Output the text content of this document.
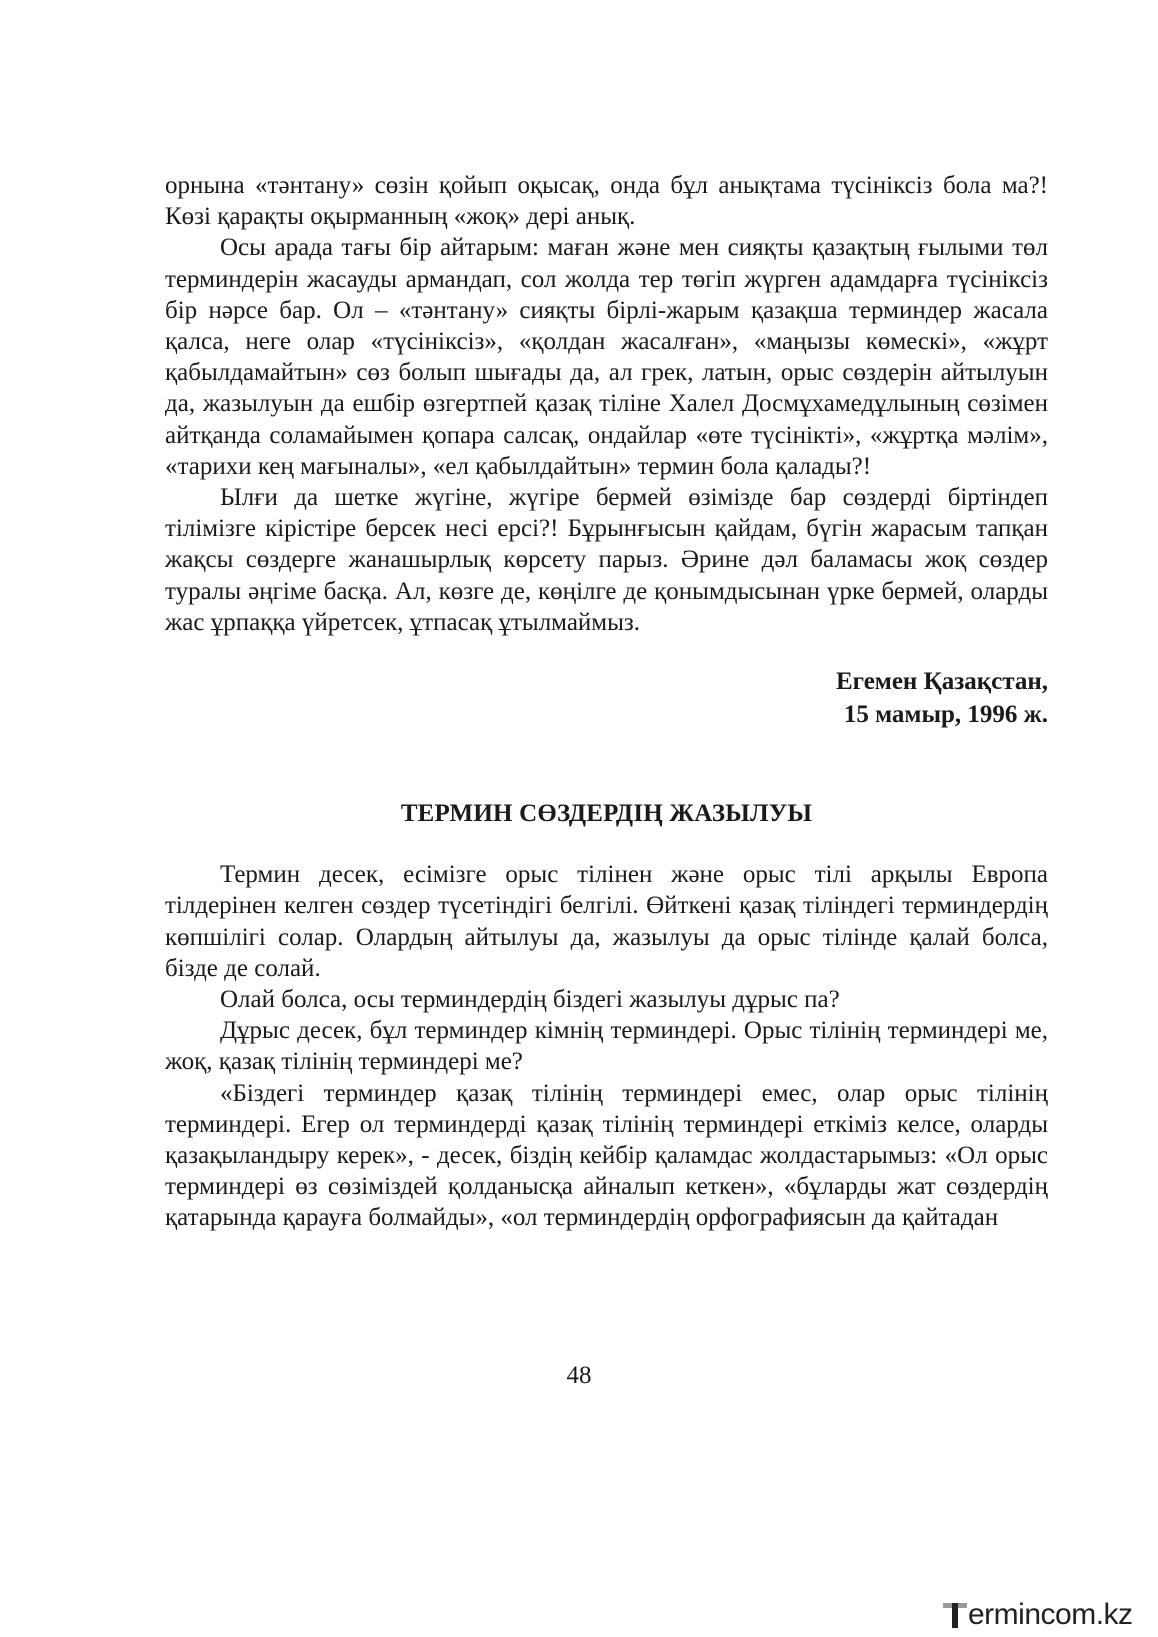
орнына «тәнтану» сөзін қойып оқысақ, онда бұл анықтама түсініксіз бола ма?! Көзі қарақты оқырманның «жоқ» дері анық.

Осы арада тағы бір айтарым: маған және мен сияқты қазақтың ғылыми төл терминдерін жасауды армандап, сол жолда тер төгіп жүрген адамдарға түсініксіз бір нәрсе бар. Ол – «тәнтану» сияқты бірлі-жарым қазақша терминдер жасала қалса, неге олар «түсініксіз», «қолдан жасалған», «маңызы көмескі», «жұрт қабылдамайтын» сөз болып шығады да, ал грек, латын, орыс сөздерін айтылуын да, жазылуын да ешбір өзгертпей қазақ тіліне Халел Досмұхамедұлының сөзімен айтқанда соламайымен қопара салсақ, ондайлар «өте түсінікті», «жұртқа мәлім», «тарихи кең мағыналы», «ел қабылдайтын» термин бола қалады?!

Ылғи да шетке жүгіне, жүгіре бермей өзімізде бар сөздерді біртіндеп тілімізге кірістіре берсек несі ерсі?! Бұрынғысын қайдам, бүгін жарасым тапқан жақсы сөздерге жанашырлық көрсету парыз. Әрине дәл баламасы жоқ сөздер туралы әңгіме басқа. Ал, көзге де, көңілге де қонымдысынан үрке бермей, оларды жас ұрпаққа үйретсек, ұтпасақ ұтылмаймыз.

Егемен Қазақстан,
15 мамыр, 1996 ж.
ТЕРМИН СӨЗДЕРДІҢ ЖАЗЫЛУЫ

Термин десек, есімізге орыс тілінен және орыс тілі арқылы Европа тілдерінен келген сөздер түсетіндігі белгілі. Өйткені қазақ тіліндегі терминдердің көпшілігі солар. Олардың айтылуы да, жазылуы да орыс тілінде қалай болса, бізде де солай.

Олай болса, осы терминдердің біздегі жазылуы дұрыс па?

Дұрыс десек, бұл терминдер кімнің терминдері. Орыс тілінің терминдері ме, жоқ, қазақ тілінің терминдері ме?

«Біздегі терминдер қазақ тілінің терминдері емес, олар орыс тілінің терминдері. Егер ол терминдерді қазақ тілінің терминдері еткіміз келсе, оларды қазақыландыру керек», - десек, біздің кейбір қаламдас жолдастарымыз: «Ол орыс терминдері өз сөзіміздей қолданысқа айналып кеткен», «бұларды жат сөздердің қатарында қарауға болмайды», «ол терминдердің орфографиясын да қайтадан

48
ermincom.kz
